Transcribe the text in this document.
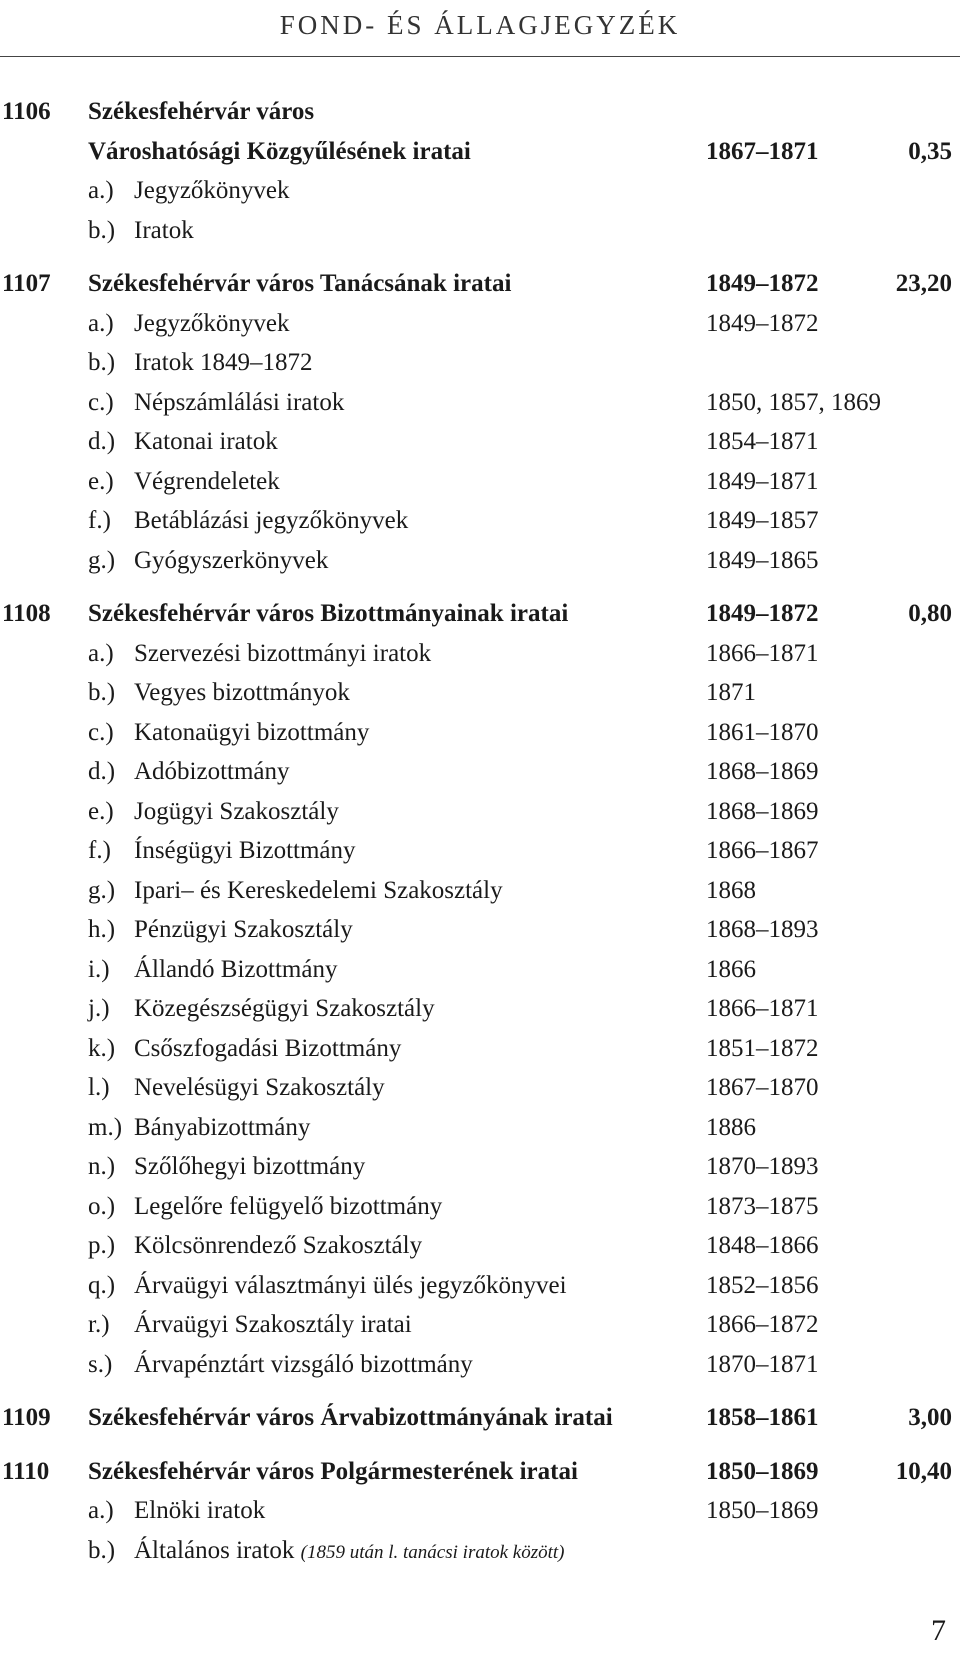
FOND- ÉS ÁLLAGJEGYZÉK
1106 Székesfehérvár város
Városhatósági Közgyűlésének iratai	1867–1871	0,35
a.) Jegyzőkönyvek
b.) Iratok
1107 Székesfehérvár város Tanácsának iratai	1849–1872	23,20
a.) Jegyzőkönyvek	1849–1872
b.) Iratok 1849–1872
c.) Népszámlálási iratok	1850, 1857, 1869
d.) Katonai iratok	1854–1871
e.) Végrendeletek	1849–1871
f.) Betáblázási jegyzőkönyvek	1849–1857
g.) Gyógyszerkönyvek	1849–1865
1108 Székesfehérvár város Bizottmányainak iratai	1849–1872	0,80
a.) Szervezési bizottmányi iratok	1866–1871
b.) Vegyes bizottmányok	1871
c.) Katonaügyi bizottmány	1861–1870
d.) Adóbizottmány	1868–1869
e.) Jogügyi Szakosztály	1868–1869
f.) Ínségügyi Bizottmány	1866–1867
g.) Ipari– és Kereskedelemi Szakosztály	1868
h.) Pénzügyi Szakosztály	1868–1893
i.) Állandó Bizottmány	1866
j.) Közegészségügyi Szakosztály	1866–1871
k.) Csőszfogadási Bizottmány	1851–1872
l.) Nevelésügyi Szakosztály	1867–1870
m.) Bányabizottmány	1886
n.) Szőlőhegyi bizottmány	1870–1893
o.) Legelőre felügyelő bizottmány	1873–1875
p.) Kölcsönrendező Szakosztály	1848–1866
q.) Árvaügyi választmányi ülés jegyzőkönyvei	1852–1856
r.) Árvaügyi Szakosztály iratai	1866–1872
s.) Árvapénztárt vizsgáló bizottmány	1870–1871
1109 Székesfehérvár város Árvabizottmányának iratai	1858–1861	3,00
1110 Székesfehérvár város Polgármesterének iratai	1850–1869	10,40
a.) Elnöki iratok	1850–1869
b.) Általános iratok (1859 után l. tanácsi iratok között)
7
